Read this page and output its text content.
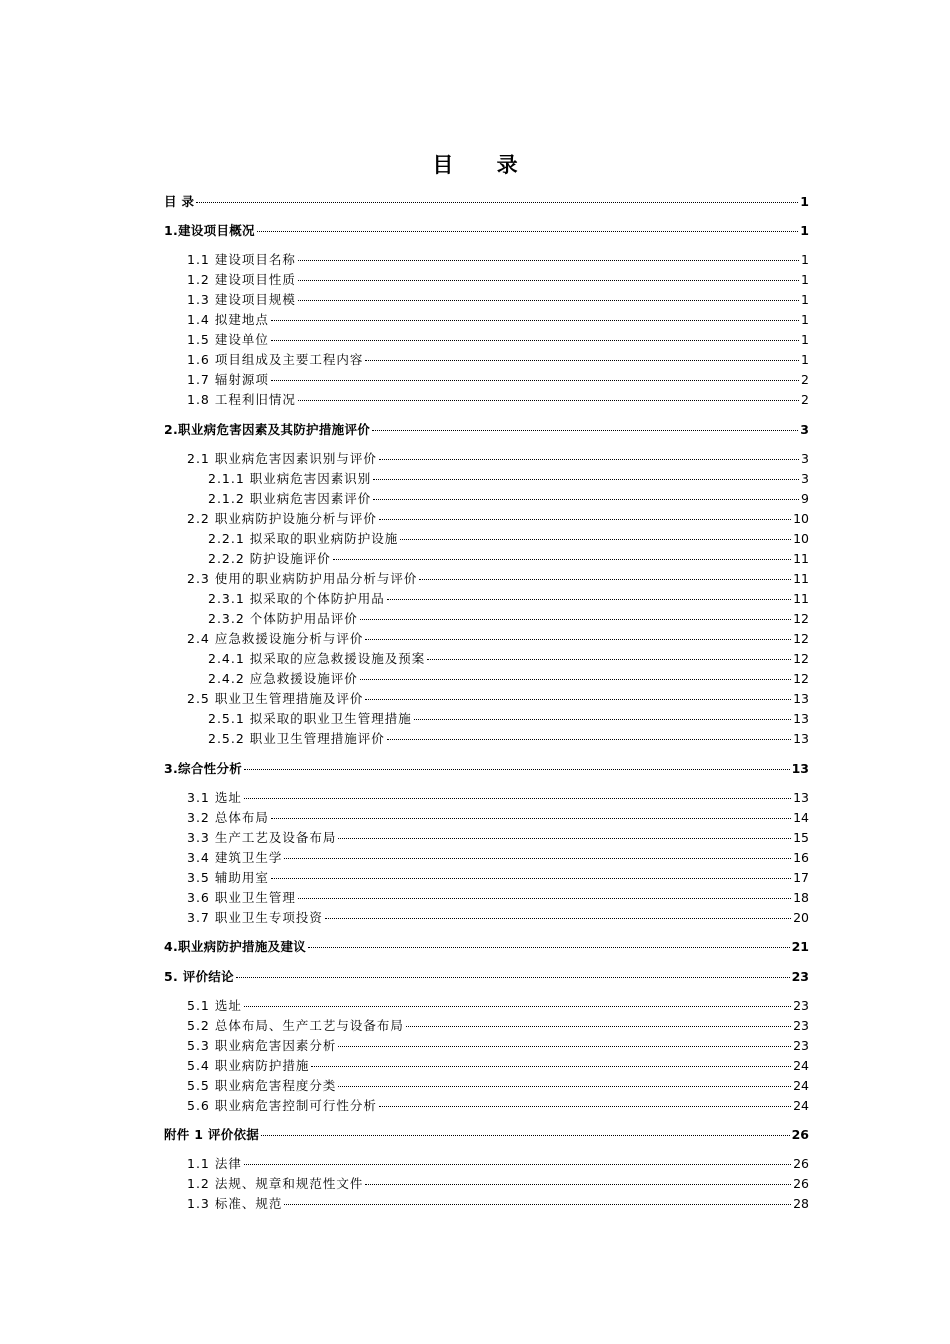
目 录
目 录	1
1.建设项目概况	1
1.1 建设项目名称	1
1.2 建设项目性质	1
1.3 建设项目规模	1
1.4 拟建地点	1
1.5 建设单位	1
1.6 项目组成及主要工程内容	1
1.7 辐射源项	2
1.8 工程利旧情况	2
2.职业病危害因素及其防护措施评价	3
2.1 职业病危害因素识别与评价	3
2.1.1 职业病危害因素识别	3
2.1.2 职业病危害因素评价	9
2.2 职业病防护设施分析与评价	10
2.2.1 拟采取的职业病防护设施	10
2.2.2 防护设施评价	11
2.3 使用的职业病防护用品分析与评价	11
2.3.1 拟采取的个体防护用品	11
2.3.2 个体防护用品评价	12
2.4 应急救援设施分析与评价	12
2.4.1 拟采取的应急救援设施及预案	12
2.4.2 应急救援设施评价	12
2.5 职业卫生管理措施及评价	13
2.5.1 拟采取的职业卫生管理措施	13
2.5.2 职业卫生管理措施评价	13
3.综合性分析	13
3.1 选址	13
3.2 总体布局	14
3.3 生产工艺及设备布局	15
3.4 建筑卫生学	16
3.5 辅助用室	17
3.6 职业卫生管理	18
3.7 职业卫生专项投资	20
4.职业病防护措施及建议	21
5. 评价结论	23
5.1 选址	23
5.2 总体布局、生产工艺与设备布局	23
5.3 职业病危害因素分析	23
5.4 职业病防护措施	24
5.5 职业病危害程度分类	24
5.6 职业病危害控制可行性分析	24
附件 1 评价依据	26
1.1 法律	26
1.2 法规、规章和规范性文件	26
1.3 标准、规范	28
